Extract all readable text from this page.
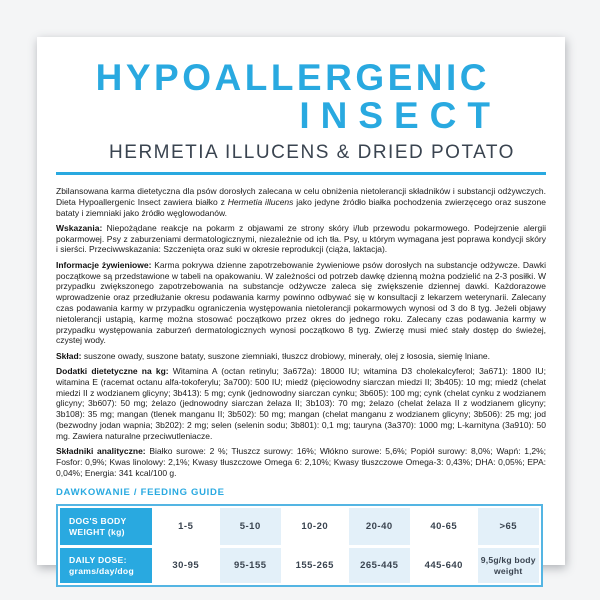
HYPOALLERGENIC
INSECT
HERMETIA ILLUCENS & DRIED POTATO

Zbilansowana karma dietetyczna dla psów dorosłych zalecana w celu obniżenia nietolerancji składników i substancji odżywczych. Dieta Hypoallergenic Insect zawiera białko z Hermetia illucens jako jedyne źródło białka pochodzenia zwierzęcego oraz suszone bataty i ziemniaki jako źródło węglowodanów.

Wskazania: Niepożądane reakcje na pokarm z objawami ze strony skóry i/lub przewodu pokarmowego. Podejrzenie alergii pokarmowej. Psy z zaburzeniami dermatologicznymi, niezależnie od ich tła. Psy, u którym wymagana jest poprawa kondycji skóry i sierści. Przeciwwskazania: Szczenięta oraz suki w okresie reprodukcji (ciąża, laktacja).

Informacje żywieniowe: Karma pokrywa dzienne zapotrzebowanie żywieniowe psów dorosłych na substancje odżywcze. Dawki początkowe są przedstawione w tabeli na opakowaniu. W zależności od potrzeb dawkę dzienną można podzielić na 2-3 posiłki. W przypadku zwiększonego zapotrzebowania na substancje odżywcze zaleca się zwiększenie dziennej dawki. Każdorazowe wprowadzenie oraz przedłużanie okresu podawania karmy powinno odbywać się w konsultacji z lekarzem weterynarii. Zalecany czas podawania karmy w przypadku ograniczenia występowania nietolerancji pokarmowych wynosi od 3 do 8 tyg. Jeżeli objawy nietolerancji ustąpią, karmę można stosować początkowo przez okres do jednego roku. Zalecany czas podawania karmy w przypadku występowania zaburzeń dermatologicznych wynosi początkowo 8 tyg. Zwierzę musi mieć stały dostęp do świeżej, czystej wody.

Skład: suszone owady, suszone bataty, suszone ziemniaki, tłuszcz drobiowy, minerały, olej z łososia, siemię lniane.

Dodatki dietetyczne na kg: Witamina A (octan retinylu; 3a672a): 18000 IU; witamina D3 cholekalcyferol; 3a671): 1800 IU; witamina E (racemat octanu alfa-tokoferylu; 3a700): 500 IU; miedź (pięciowodny siarczan miedzi II; 3b405): 10 mg; miedź (chelat miedzi II z wodzianem glicyny; 3b413): 5 mg; cynk (jednowodny siarczan cynku; 3b605): 100 mg; cynk (chelat cynku z wodzianem glicyny; 3b607): 50 mg; żelazo (jednowodny siarczan żelaza II; 3b103): 70 mg; żelazo (chelat żelaza II z wodzianem glicyny; 3b108): 35 mg; mangan (tlenek manganu II; 3b502): 50 mg; mangan (chelat manganu z wodzianem glicyny; 3b506): 25 mg; jod (bezwodny jodan wapnia; 3b202): 2 mg; selen (selenin sodu; 3b801): 0,1 mg; tauryna (3a370): 1000 mg; L-karnityna (3a910): 50 mg. Zawiera naturalne przeciwutleniacze.

Składniki analityczne: Białko surowe: 2 %; Tłuszcz surowy: 16%; Włókno surowe: 5,6%; Popiół surowy: 8,0%; Wapń: 1,2%; Fosfor: 0,9%; Kwas linolowy: 2,1%; Kwasy tłuszczowe Omega 6: 2,10%; Kwasy tłuszczowe Omega-3: 0,43%; DHA: 0,05%; EPA: 0,04%; Energia: 341 kcal/100 g.

DAWKOWANIE / FEEDING GUIDE
DOG'S BODY
WEIGHT (kg)	1-5	5-10	10-20	20-40	40-65	>65
DAILY DOSE:
grams/day/dog	30-95	95-155	155-265	265-445	445-640	9,5g/kg body weight
